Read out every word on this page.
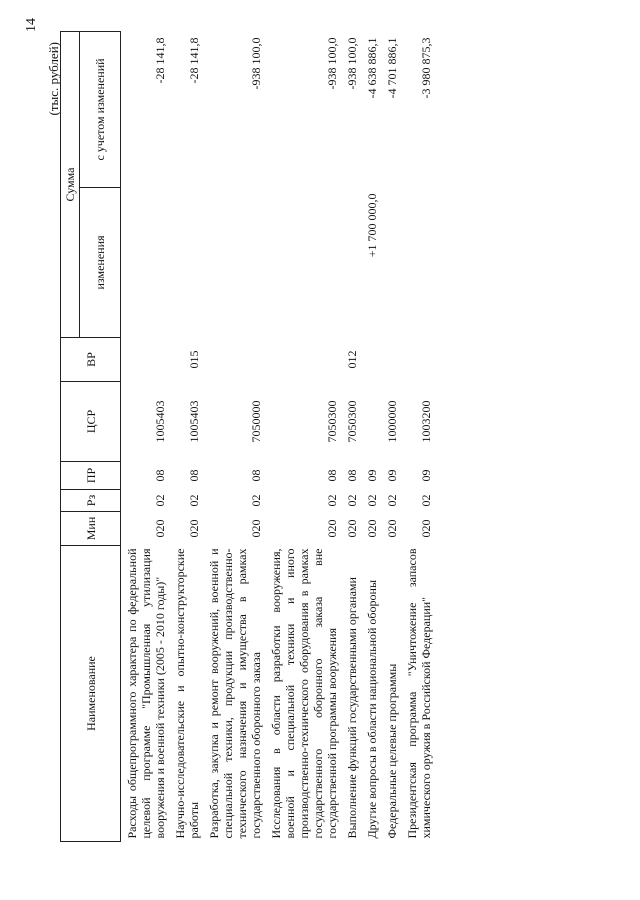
14
(тыс. рублей)
Наименование	Мин	Рз	ПР	ЦСР	ВР	Сумма	
						изменения	с учетом изменений
Расходы общепрограммного характера по федеральной целевой программе "Промышленная утилизация вооружения и военной техники (2005 - 2010 годы)"	020	02	08	1005403			-28 141,8
Научно-исследовательские и опытно-конструкторские работы	020	02	08	1005403	015		-28 141,8
Разработка, закупка и ремонт вооружений, военной и специальной техники, продукции производственно-технического назначения и имущества в рамках государственного оборонного заказа	020	02	08	7050000			-938 100,0
Исследования в области разработки вооружения, военной и специальной техники и иного производственно-технического оборудования в рамках государственного оборонного заказа вне государственной программы вооружения	020	02	08	7050300			-938 100,0
Выполнение функций государственными органами	020	02	08	7050300	012		-938 100,0
Другие вопросы в области национальной обороны	020	02	09			+1 700 000,0	-4 638 886,1
Федеральные целевые программы	020	02	09	1000000			-4 701 886,1
Президентская программа "Уничтожение запасов химического оружия в Российской Федерации"	020	02	09	1003200			-3 980 875,3
